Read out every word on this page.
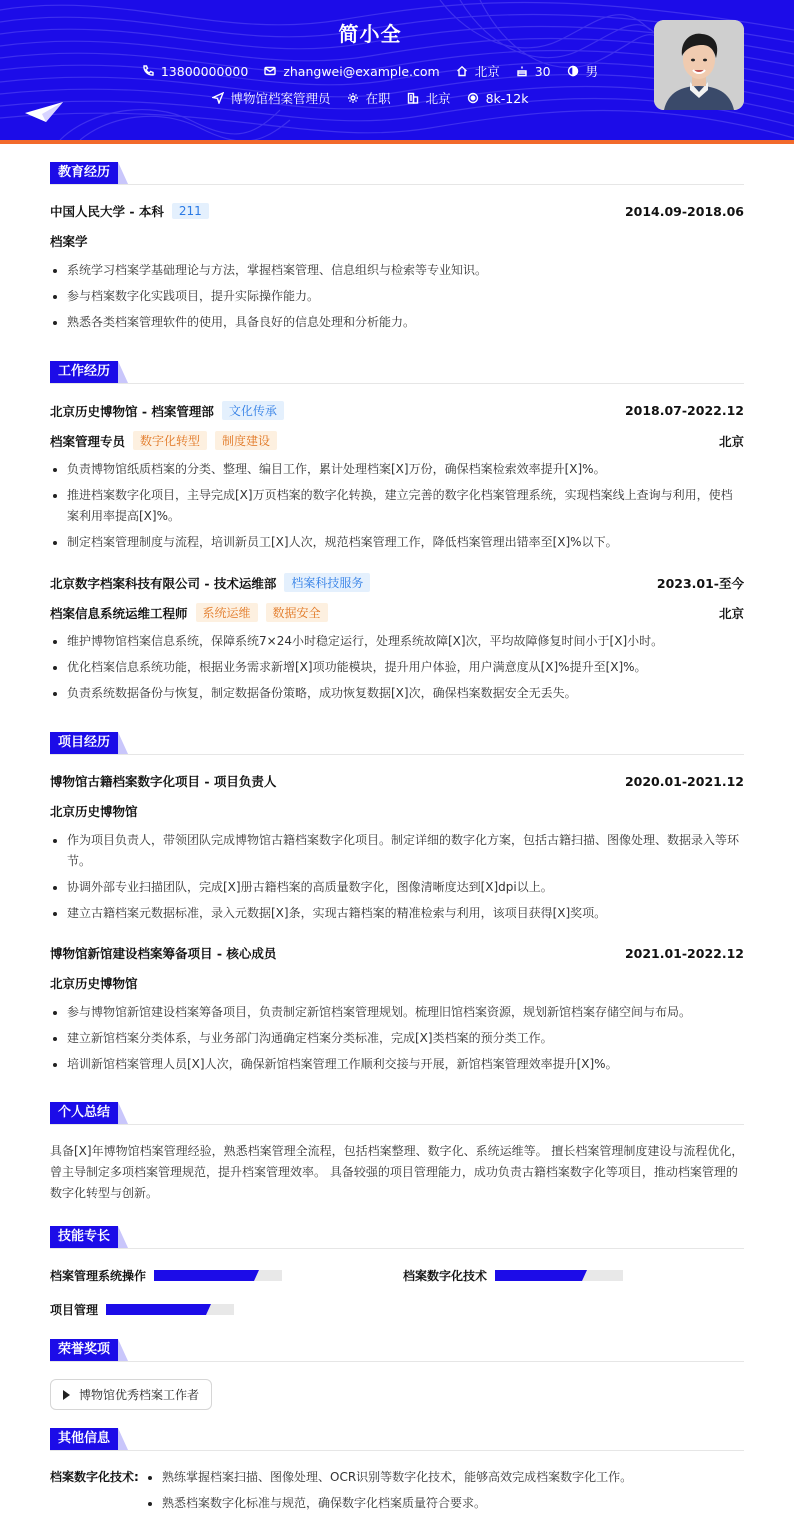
简小全
13800000000	zhangwei@example.com	北京	30	男
博物馆档案管理员	在职	北京	8k-12k
教育经历
中国人民大学 - 本科	211	2014.09-2018.06
档案学
系统学习档案学基础理论与方法，掌握档案管理、信息组织与检索等专业知识。
参与档案数字化实践项目，提升实际操作能力。
熟悉各类档案管理软件的使用，具备良好的信息处理和分析能力。
工作经历
北京历史博物馆 - 档案管理部	文化传承	2018.07-2022.12
档案管理专员	数字化转型	制度建设	北京
负责博物馆纸质档案的分类、整理、编目工作，累计处理档案[X]万份，确保档案检索效率提升[X]%。
推进档案数字化项目，主导完成[X]万页档案的数字化转换，建立完善的数字化档案管理系统，实现档案线上查询与利用，使档案利用率提高[X]%。
制定档案管理制度与流程，培训新员工[X]人次，规范档案管理工作，降低档案管理出错率至[X]%以下。
北京数字档案科技有限公司 - 技术运维部	档案科技服务	2023.01-至今
档案信息系统运维工程师	系统运维	数据安全	北京
维护博物馆档案信息系统，保障系统7×24小时稳定运行，处理系统故障[X]次，平均故障修复时间小于[X]小时。
优化档案信息系统功能，根据业务需求新增[X]项功能模块，提升用户体验，用户满意度从[X]%提升至[X]%。
负责系统数据备份与恢复，制定数据备份策略，成功恢复数据[X]次，确保档案数据安全无丢失。
项目经历
博物馆古籍档案数字化项目 - 项目负责人	2020.01-2021.12
北京历史博物馆
作为项目负责人，带领团队完成博物馆古籍档案数字化项目。制定详细的数字化方案，包括古籍扫描、图像处理、数据录入等环节。
协调外部专业扫描团队，完成[X]册古籍档案的高质量数字化，图像清晰度达到[X]dpi以上。
建立古籍档案元数据标准，录入元数据[X]条，实现古籍档案的精准检索与利用，该项目获得[X]奖项。
博物馆新馆建设档案筹备项目 - 核心成员	2021.01-2022.12
北京历史博物馆
参与博物馆新馆建设档案筹备项目，负责制定新馆档案管理规划。梳理旧馆档案资源，规划新馆档案存储空间与布局。
建立新馆档案分类体系，与业务部门沟通确定档案分类标准，完成[X]类档案的预分类工作。
培训新馆档案管理人员[X]人次，确保新馆档案管理工作顺利交接与开展，新馆档案管理效率提升[X]%。
个人总结
具备[X]年博物馆档案管理经验，熟悉档案管理全流程，包括档案整理、数字化、系统运维等。 擅长档案管理制度建设与流程优化，曾主导制定多项档案管理规范，提升档案管理效率。 具备较强的项目管理能力，成功负责古籍档案数字化等项目，推动档案管理的数字化转型与创新。
技能专长
档案管理系统操作	档案数字化技术
项目管理
荣誉奖项
博物馆优秀档案工作者
其他信息
档案数字化技术:	熟练掌握档案扫描、图像处理、OCR识别等数字化技术，能够高效完成档案数字化工作。
熟悉档案数字化标准与规范，确保数字化档案质量符合要求。
